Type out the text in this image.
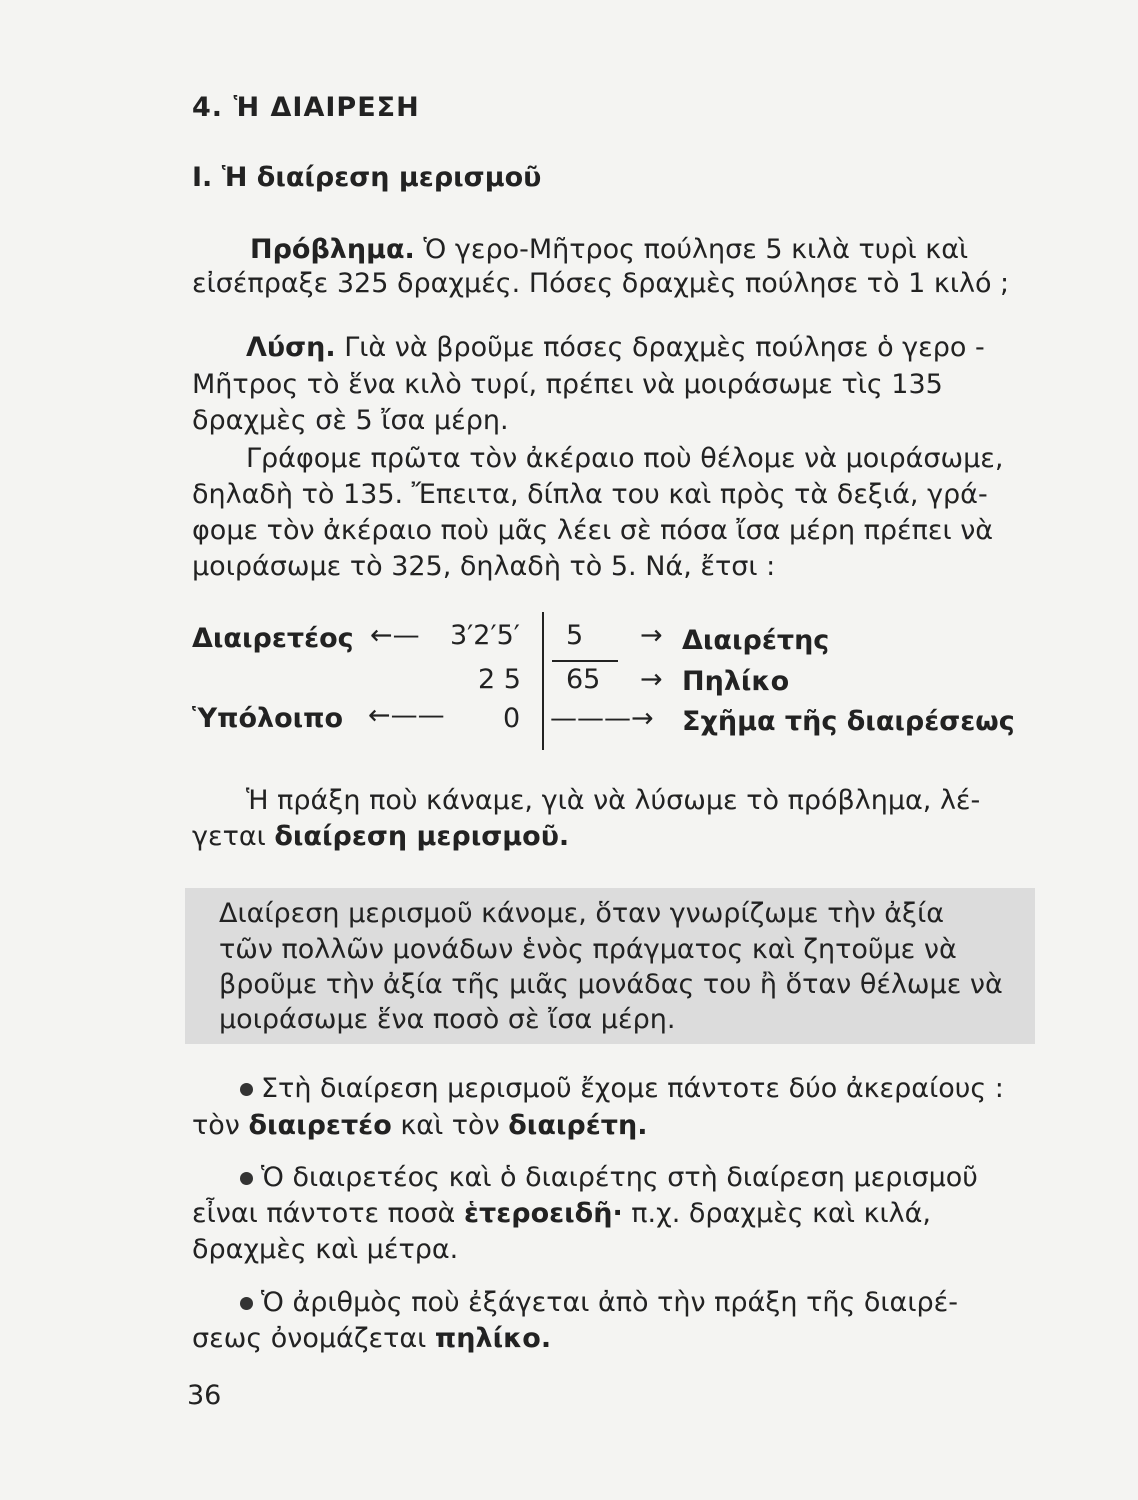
4. Ἡ ΔΙΑΙΡΕΣΗ
Ι. Ἡ διαίρεση μερισμοῦ
Πρόβλημα. Ὁ γερο-Μῆτρος πούλησε 5 κιλὰ τυρὶ καὶ
εἰσέπραξε 325 δραχμές. Πόσες δραχμὲς πούλησε τὸ 1 κιλό ;
Λύση. Γιὰ νὰ βροῦμε πόσες δραχμὲς πούλησε ὁ γερο -
Μῆτρος τὸ ἕνα κιλὸ τυρί, πρέπει νὰ μοιράσωμε τὶς 135
δραχμὲς σὲ 5 ἴσα μέρη.
Γράφομε πρῶτα τὸν ἀκέραιο ποὺ θέλομε νὰ μοιράσωμε,
δηλαδὴ τὸ 135. Ἔπειτα, δίπλα του καὶ πρὸς τὰ δεξιά, γρά-
φομε τὸν ἀκέραιο ποὺ μᾶς λέει σὲ πόσα ἴσα μέρη πρέπει νὰ
μοιράσωμε τὸ 325, δηλαδὴ τὸ 5. Νά, ἔτσι :
Διαιρετέος ←— 3′2′5′
2 5
Ὑπόλοιπο ←—— 0
5 → Διαιρέτης
65 → Πηλίκο
———→ Σχῆμα τῆς διαιρέσεως
Ἡ πράξη ποὺ κάναμε, γιὰ νὰ λύσωμε τὸ πρόβλημα, λέ-
γεται διαίρεση μερισμοῦ.
Διαίρεση μερισμοῦ κάνομε, ὅταν γνωρίζωμε τὴν ἀξία
τῶν πολλῶν μονάδων ἑνὸς πράγματος καὶ ζητοῦμε νὰ
βροῦμε τὴν ἀξία τῆς μιᾶς μονάδας του ἢ ὅταν θέλωμε νὰ
μοιράσωμε ἕνα ποσὸ σὲ ἴσα μέρη.
Στὴ διαίρεση μερισμοῦ ἔχομε πάντοτε δύο ἀκεραίους :
τὸν διαιρετέο καὶ τὸν διαιρέτη.
Ὁ διαιρετέος καὶ ὁ διαιρέτης στὴ διαίρεση μερισμοῦ
εἶναι πάντοτε ποσὰ ἑτεροειδῆ· π.χ. δραχμὲς καὶ κιλά,
δραχμὲς καὶ μέτρα.
Ὁ ἀριθμὸς ποὺ ἐξάγεται ἀπὸ τὴν πράξη τῆς διαιρέ-
σεως ὀνομάζεται πηλίκο.
36
